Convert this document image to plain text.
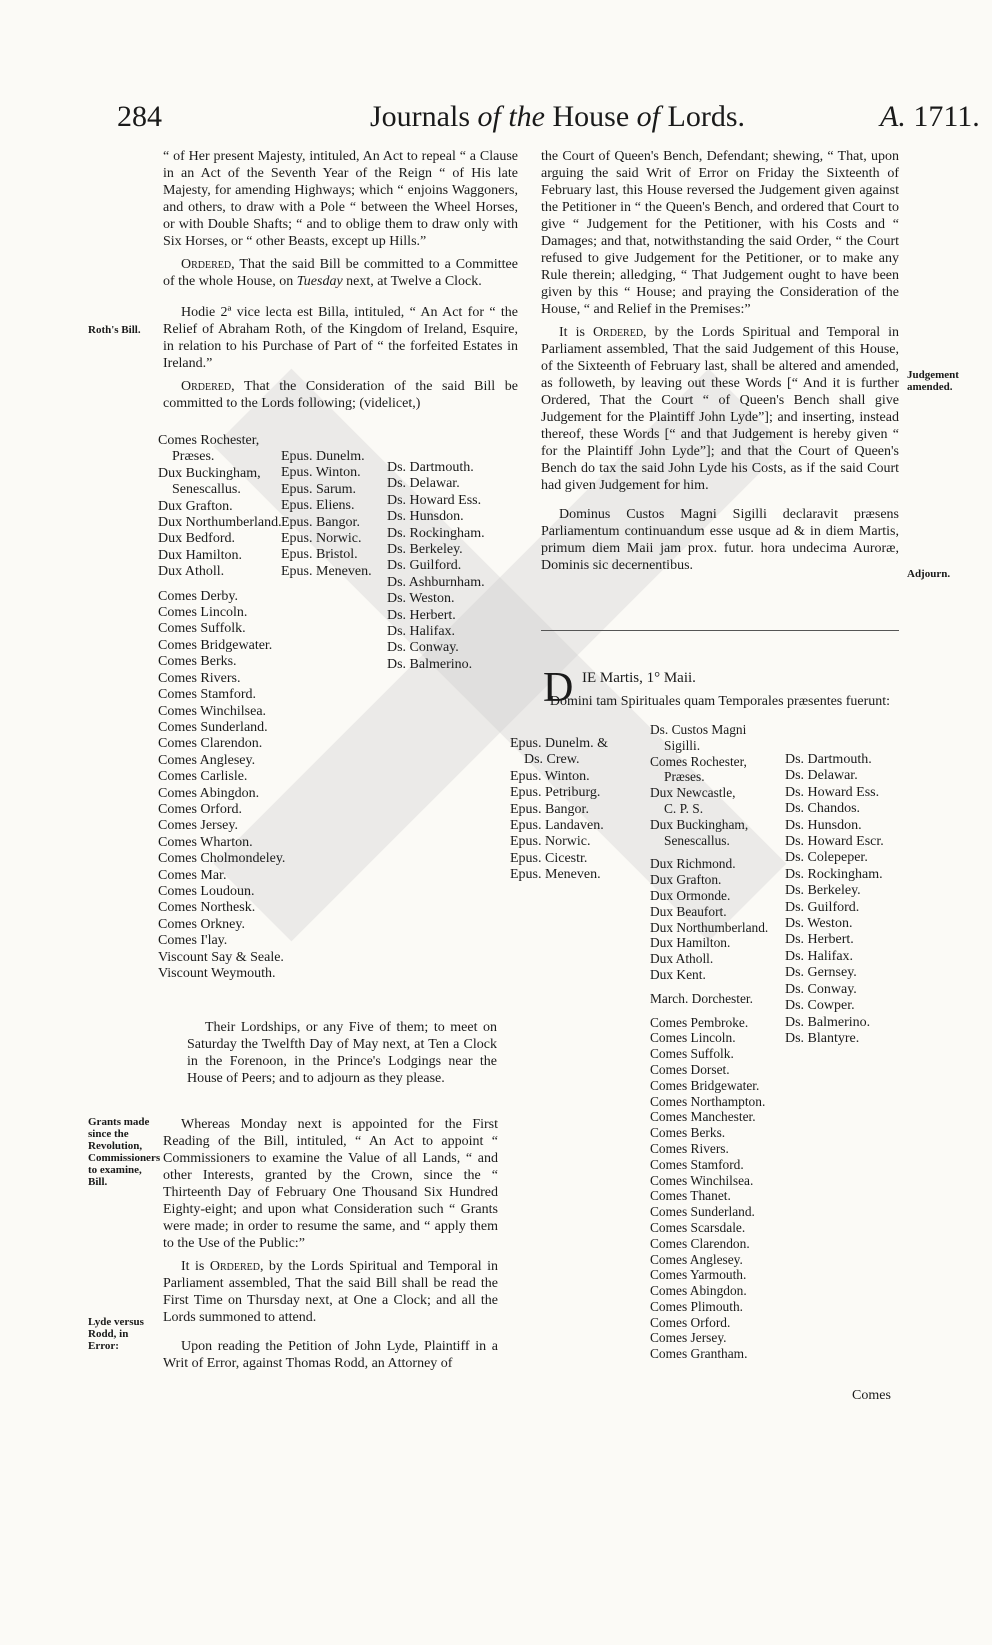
284	Journals of the House of Lords.	A. 1711.
Roth's Bill.
Grants made since the Revolution, Commissioners to examine, Bill.
Lyde versus Rodd, in Error:
Judgement amended.
Adjourn.

“ of Her present Majesty, intituled, An Act to repeal “ a Clause in an Act of the Seventh Year of the Reign “ of His late Majesty, for amending Highways; which “ enjoins Waggoners, and others, to draw with a Pole “ between the Wheel Horses, or with Double Shafts; “ and to oblige them to draw only with Six Horses, or “ other Beasts, except up Hills.”

Ordered, That the said Bill be committed to a Committee of the whole House, on Tuesday next, at Twelve a Clock.

Hodie 2ª vice lecta est Billa, intituled, “ An Act for “ the Relief of Abraham Roth, of the Kingdom of Ireland, Esquire, in relation to his Purchase of Part of “ the forfeited Estates in Ireland.”

Ordered, That the Consideration of the said Bill be committed to the Lords following; (videlicet,)

Comes Rochester,
Præses.
Dux Buckingham,
Senescallus.
Dux Grafton.
Dux Northumberland.
Dux Bedford.
Dux Hamilton.
Dux Atholl.

Comes Derby.
Comes Lincoln.
Comes Suffolk.
Comes Bridgewater.
Comes Berks.
Comes Rivers.
Comes Stamford.
Comes Winchilsea.
Comes Sunderland.
Comes Clarendon.
Comes Anglesey.
Comes Carlisle.
Comes Abingdon.
Comes Orford.
Comes Jersey.
Comes Wharton.
Comes Cholmondeley.
Comes Mar.
Comes Loudoun.
Comes Northesk.
Comes Orkney.
Comes I'lay.
Viscount Say & Seale.
Viscount Weymouth.
Epus. Dunelm.
Epus. Winton.
Epus. Sarum.
Epus. Eliens.
Epus. Bangor.
Epus. Norwic.
Epus. Bristol.
Epus. Meneven.
Ds. Dartmouth.
Ds. Delawar.
Ds. Howard Ess.
Ds. Hunsdon.
Ds. Rockingham.
Ds. Berkeley.
Ds. Guilford.
Ds. Ashburnham.
Ds. Weston.
Ds. Herbert.
Ds. Halifax.
Ds. Conway.
Ds. Balmerino.

Their Lordships, or any Five of them; to meet on Saturday the Twelfth Day of May next, at Ten a Clock in the Forenoon, in the Prince's Lodgings near the House of Peers; and to adjourn as they please.

Whereas Monday next is appointed for the First Reading of the Bill, intituled, “ An Act to appoint “ Commissioners to examine the Value of all Lands, “ and other Interests, granted by the Crown, since the “ Thirteenth Day of February One Thousand Six Hundred Eighty-eight; and upon what Consideration such “ Grants were made; in order to resume the same, and “ apply them to the Use of the Public:”

It is Ordered, by the Lords Spiritual and Temporal in Parliament assembled, That the said Bill shall be read the First Time on Thursday next, at One a Clock; and all the Lords summoned to attend.

Upon reading the Petition of John Lyde, Plaintiff in a Writ of Error, against Thomas Rodd, an Attorney of

the Court of Queen's Bench, Defendant; shewing, “ That, upon arguing the said Writ of Error on Friday the Sixteenth of February last, this House reversed the Judgement given against the Petitioner in “ the Queen's Bench, and ordered that Court to give “ Judgement for the Petitioner, with his Costs and “ Damages; and that, notwithstanding the said Order, “ the Court refused to give Judgement for the Petitioner, or to make any Rule therein; alledging, “ That Judgement ought to have been given by this “ House; and praying the Consideration of the House, “ and Relief in the Premises:”

It is Ordered, by the Lords Spiritual and Temporal in Parliament assembled, That the said Judgement of this House, of the Sixteenth of February last, shall be altered and amended, as followeth, by leaving out these Words [“ And it is further Ordered, That the Court “ of Queen's Bench shall give Judgement for the Plaintiff John Lyde”]; and inserting, instead thereof, these Words [“ and that Judgement is hereby given “ for the Plaintiff John Lyde”]; and that the Court of Queen's Bench do tax the said John Lyde his Costs, as if the said Court had given Judgement for him.

Dominus Custos Magni Sigilli declaravit præsens Parliamentum continuandum esse usque ad & in diem Martis, primum diem Maii jam prox. futur. hora undecima Auroræ, Dominis sic decernentibus.

D IE Martis, 1° Maii.
Domini tam Spirituales quam Temporales præsentes fuerunt:
Epus. Dunelm. &
Ds. Crew.
Epus. Winton.
Epus. Petriburg.
Epus. Bangor.
Epus. Landaven.
Epus. Norwic.
Epus. Cicestr.
Epus. Meneven.
Ds. Custos Magni
Sigilli.
Comes Rochester,
Præses.
Dux Newcastle,
C. P. S.
Dux Buckingham,
Senescallus.

Dux Richmond.
Dux Grafton.
Dux Ormonde.
Dux Beaufort.
Dux Northumberland.
Dux Hamilton.
Dux Atholl.
Dux Kent.

March. Dorchester.

Comes Pembroke.
Comes Lincoln.
Comes Suffolk.
Comes Dorset.
Comes Bridgewater.
Comes Northampton.
Comes Manchester.
Comes Berks.
Comes Rivers.
Comes Stamford.
Comes Winchilsea.
Comes Thanet.
Comes Sunderland.
Comes Scarsdale.
Comes Clarendon.
Comes Anglesey.
Comes Yarmouth.
Comes Abingdon.
Comes Plimouth.
Comes Orford.
Comes Jersey.
Comes Grantham.
Ds. Dartmouth.
Ds. Delawar.
Ds. Howard Ess.
Ds. Chandos.
Ds. Hunsdon.
Ds. Howard Escr.
Ds. Colepeper.
Ds. Rockingham.
Ds. Berkeley.
Ds. Guilford.
Ds. Weston.
Ds. Herbert.
Ds. Halifax.
Ds. Gernsey.
Ds. Conway.
Ds. Cowper.
Ds. Balmerino.
Ds. Blantyre.
Comes
